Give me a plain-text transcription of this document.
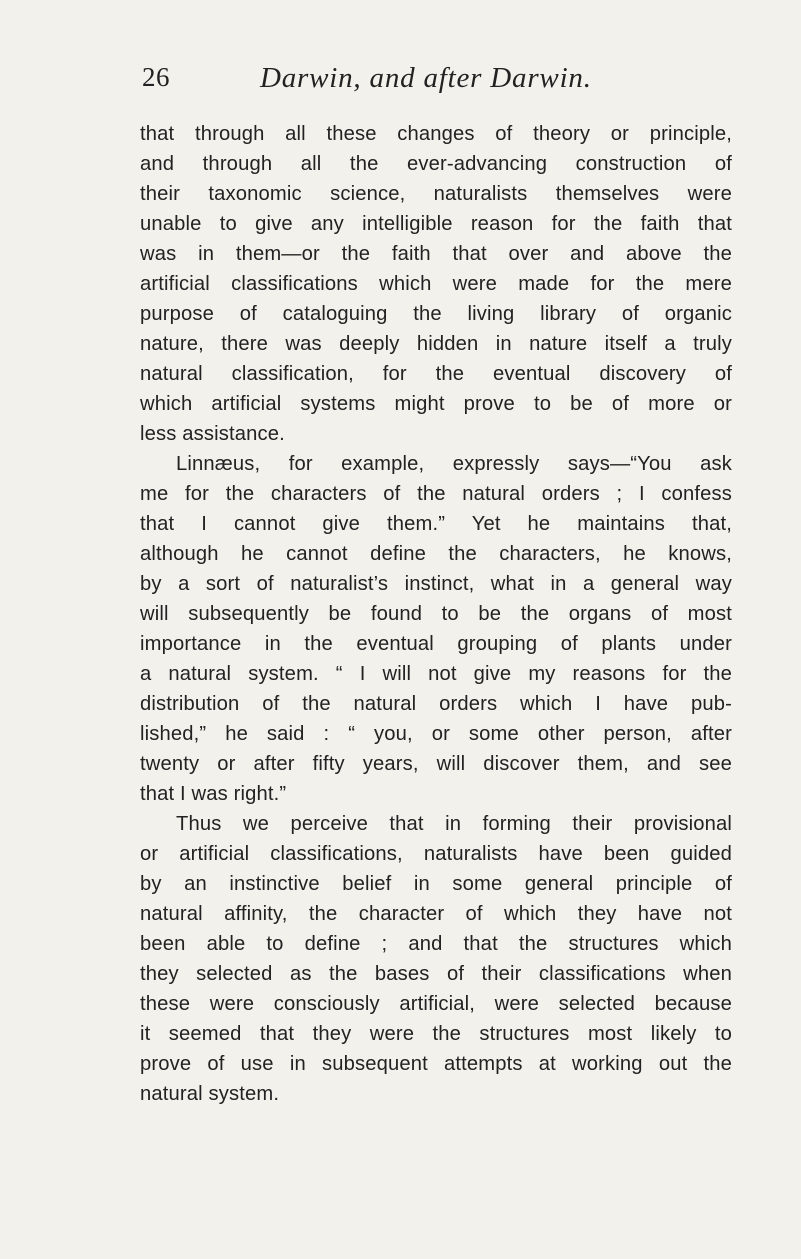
26	Darwin, and after Darwin.
that through all these changes of theory or principle,
and through all the ever-advancing construction of
their taxonomic science, naturalists themselves were
unable to give any intelligible reason for the faith that
was in them—or the faith that over and above the
artificial classifications which were made for the mere
purpose of cataloguing the living library of organic
nature, there was deeply hidden in nature itself a truly
natural classification, for the eventual discovery of
which artificial systems might prove to be of more or
less assistance.
Linnæus, for example, expressly says—“You ask
me for the characters of the natural orders ; I confess
that I cannot give them.” Yet he maintains that,
although he cannot define the characters, he knows,
by a sort of naturalist’s instinct, what in a general way
will subsequently be found to be the organs of most
importance in the eventual grouping of plants under
a natural system. “ I will not give my reasons for the
distribution of the natural orders which I have pub-
lished,” he said : “ you, or some other person, after
twenty or after fifty years, will discover them, and see
that I was right.”
Thus we perceive that in forming their provisional
or artificial classifications, naturalists have been guided
by an instinctive belief in some general principle of
natural affinity, the character of which they have not
been able to define ; and that the structures which
they selected as the bases of their classifications when
these were consciously artificial, were selected because
it seemed that they were the structures most likely to
prove of use in subsequent attempts at working out the
natural system.
